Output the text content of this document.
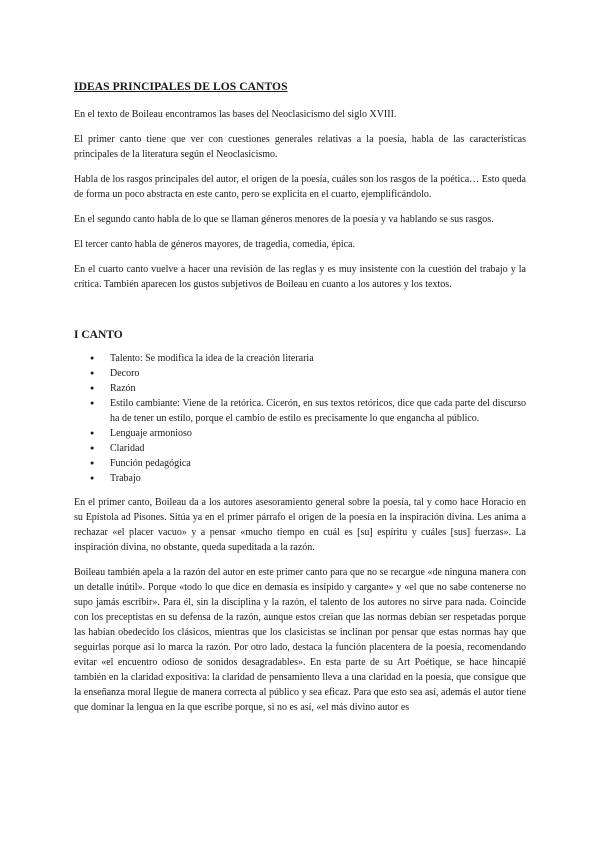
IDEAS PRINCIPALES DE LOS CANTOS

En el texto de Boileau encontramos las bases del Neoclasicismo del siglo XVIII.

El primer canto tiene que ver con cuestiones generales relativas a la poesía, habla de las características principales de la literatura según el Neoclasicismo.

Habla de los rasgos principales del autor, el origen de la poesía, cuáles son los rasgos de la poética… Esto queda de forma un poco abstracta en este canto, pero se explicita en el cuarto, ejemplificándolo.

En el segundo canto habla de lo que se llaman géneros menores de la poesía y va hablando se sus rasgos.

El tercer canto habla de géneros mayores, de tragedia, comedia, épica.

En el cuarto canto vuelve a hacer una revisión de las reglas y es muy insistente con la cuestión del trabajo y la crítica. También aparecen los gustos subjetivos de Boileau en cuanto a los autores y los textos.

I CANTO
● Talento: Se modifica la idea de la creación literaria
● Decoro
● Razón
● Estilo cambiante: Viene de la retórica. Cicerón, en sus textos retóricos, dice que cada parte del discurso ha de tener un estilo, porque el cambio de estilo es precisamente lo que engancha al público.
● Lenguaje armonioso
● Claridad
● Función pedagógica
● Trabajo

En el primer canto, Boileau da a los autores asesoramiento general sobre la poesía, tal y como hace Horacio en su Epístola ad Pisones. Sitúa ya en el primer párrafo el origen de la poesía en la inspiración divina. Les anima a rechazar «el placer vacuo» y a pensar «mucho tiempo en cuál es [su] espíritu y cuáles [sus] fuerzas». La inspiración divina, no obstante, queda supeditada a la razón.

Boileau también apela a la razón del autor en este primer canto para que no se recargue «de ninguna manera con un detalle inútil». Porque «todo lo que dice en demasía es insípido y cargante» y «el que no sabe contenerse no supo jamás escribir». Para él, sin la disciplina y la razón, el talento de los autores no sirve para nada. Coincide con los preceptistas en su defensa de la razón, aunque estos creían que las normas debían ser respetadas porque las habían obedecido los clásicos, mientras que los clasicistas se inclinan por pensar que estas normas hay que seguirlas porque así lo marca la razón. Por otro lado, destaca la función placentera de la poesía, recomendando evitar «el encuentro odioso de sonidos desagradables». En esta parte de su Art Poétique, se hace hincapié también en la claridad expositiva: la claridad de pensamiento lleva a una claridad en la poesía, que consigue que la enseñanza moral llegue de manera correcta al público y sea eficaz. Para que esto sea así, además el autor tiene que dominar la lengua en la que escribe porque, si no es así, «el más divino autor es
